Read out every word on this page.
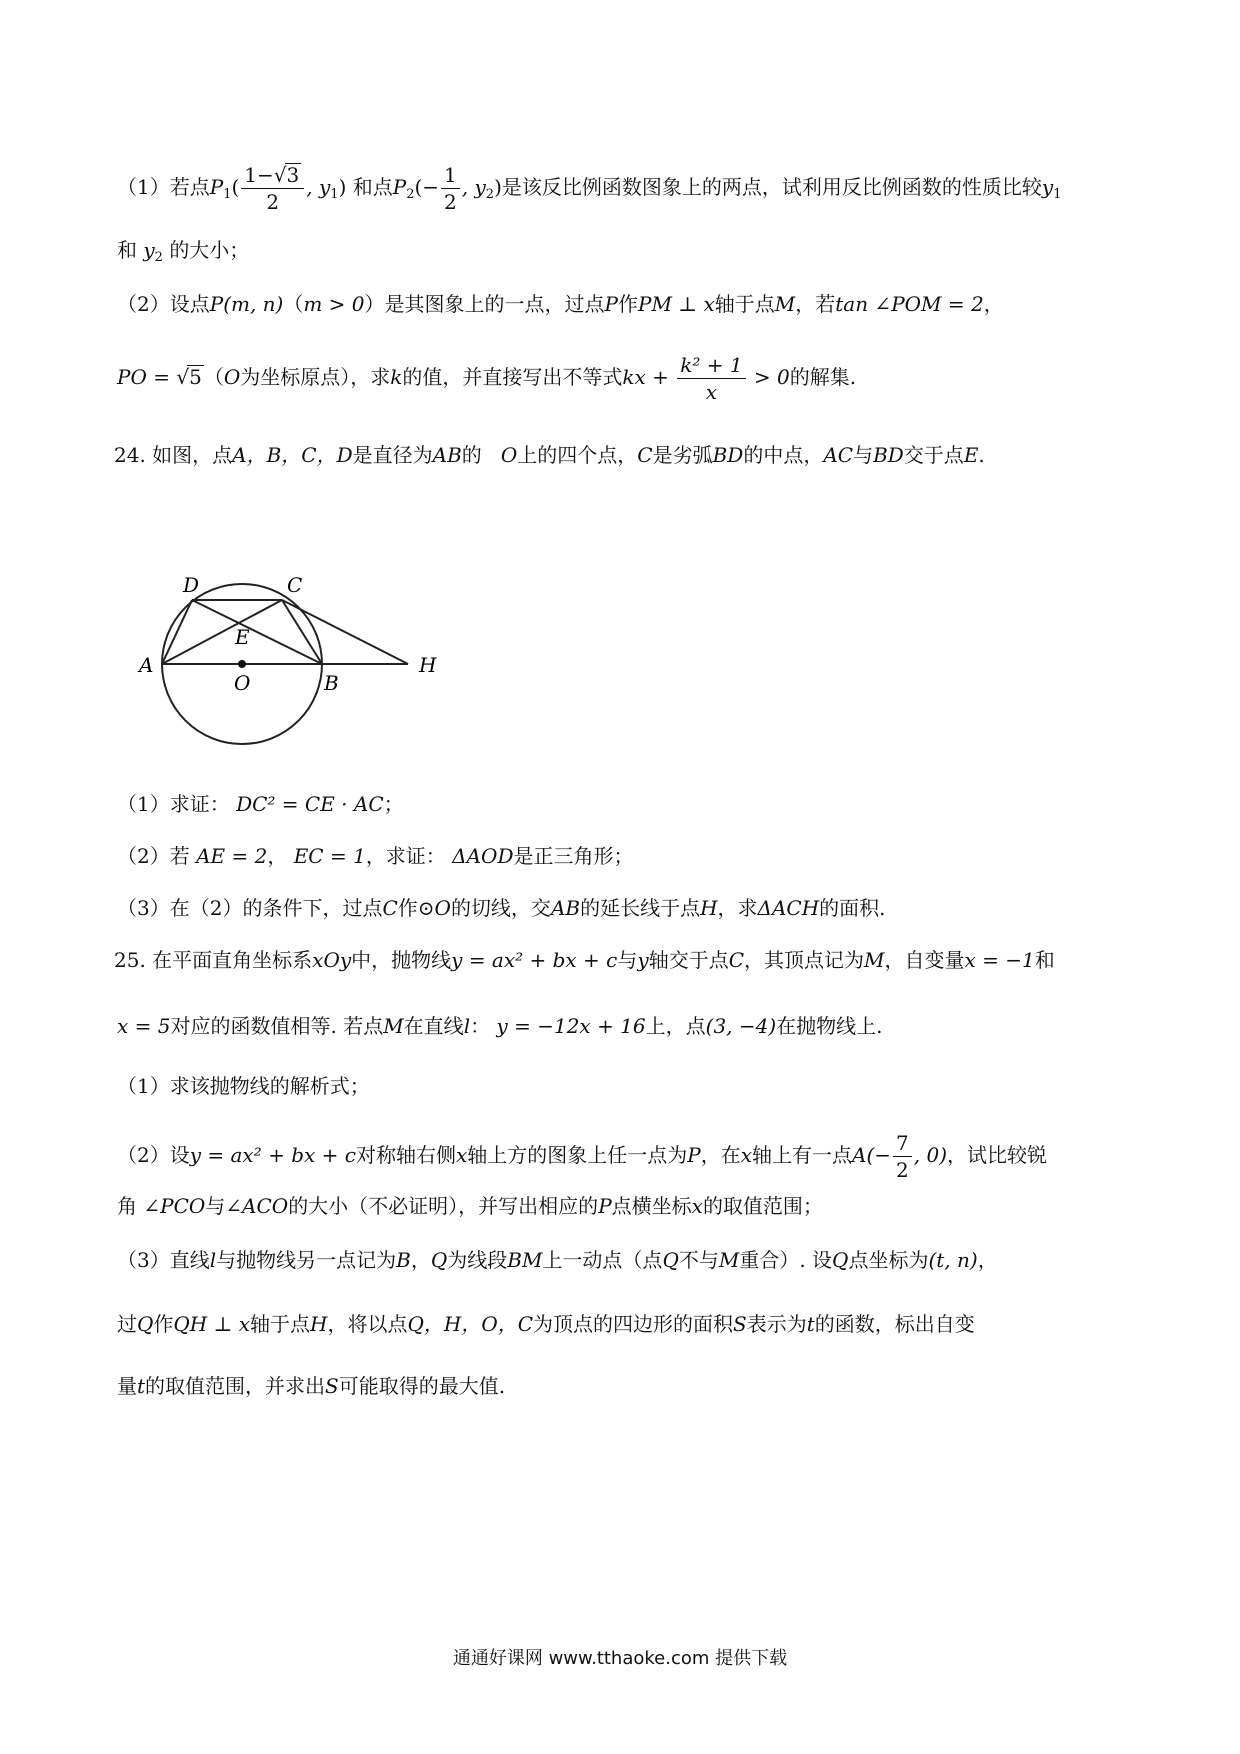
（1）若点$P_1( \frac{1-√3}{2}$ , $y_1$) 和点$P_2(- \frac{1}{2}$ , $y_2$)是该反比例函数图象上的两点，试利用反比例函数的性质比较$y_1$
和 $y_2$ 的大小；
（2）设点P(m, n)（m > 0）是其图象上的一点，过点P作PM ⊥ x轴于点M，若tan ∠POM = 2，
PO = √5 （O为坐标原点），求k的值，并直接写出不等式kx + $\frac{\text{k² + 1}}{x} > 0$的解集.
24. 如图，点A，B，C，D是直径为AB的 O上的四个点，C是劣弧BD的中点，AC与BD交于点E.
D	C
E
A
O	B
H
（1）求证： DC² = CE · AC；
（2）若 AE = 2， EC = 1，求证： ΔAOD是正三角形；
（3）在（2）的条件下，过点C作⊙O的切线，交AB的延长线于点H，求ΔACH的面积.
25. 在平面直角坐标系xOy中，抛物线y = ax² + bx + c与y轴交于点C，其顶点记为M，自变量x = −1和
x = 5对应的函数值相等. 若点M在直线l： y = −12x + 16上，点(3, −4)在抛物线上.
（1）求该抛物线的解析式；
（2）设y = ax² + bx + c对称轴右侧x轴上方的图象上任一点为P，在x轴上有一点$A(- \frac{7}{2}$ , 0)，试比较锐
角 ∠PCO与∠ACO的大小（不必证明），并写出相应的P点横坐标x的取值范围；
（3）直线l与抛物线另一点记为B，Q为线段BM上一动点（点Q不与M重合）. 设Q点坐标为(t, n)，
过Q作QH ⊥ x轴于点H，将以点Q，H，O，C为顶点的四边形的面积S表示为t的函数，标出自变
量t的取值范围，并求出S可能取得的最大值.
通通好课网 www.tthaoke.com 提供下载
